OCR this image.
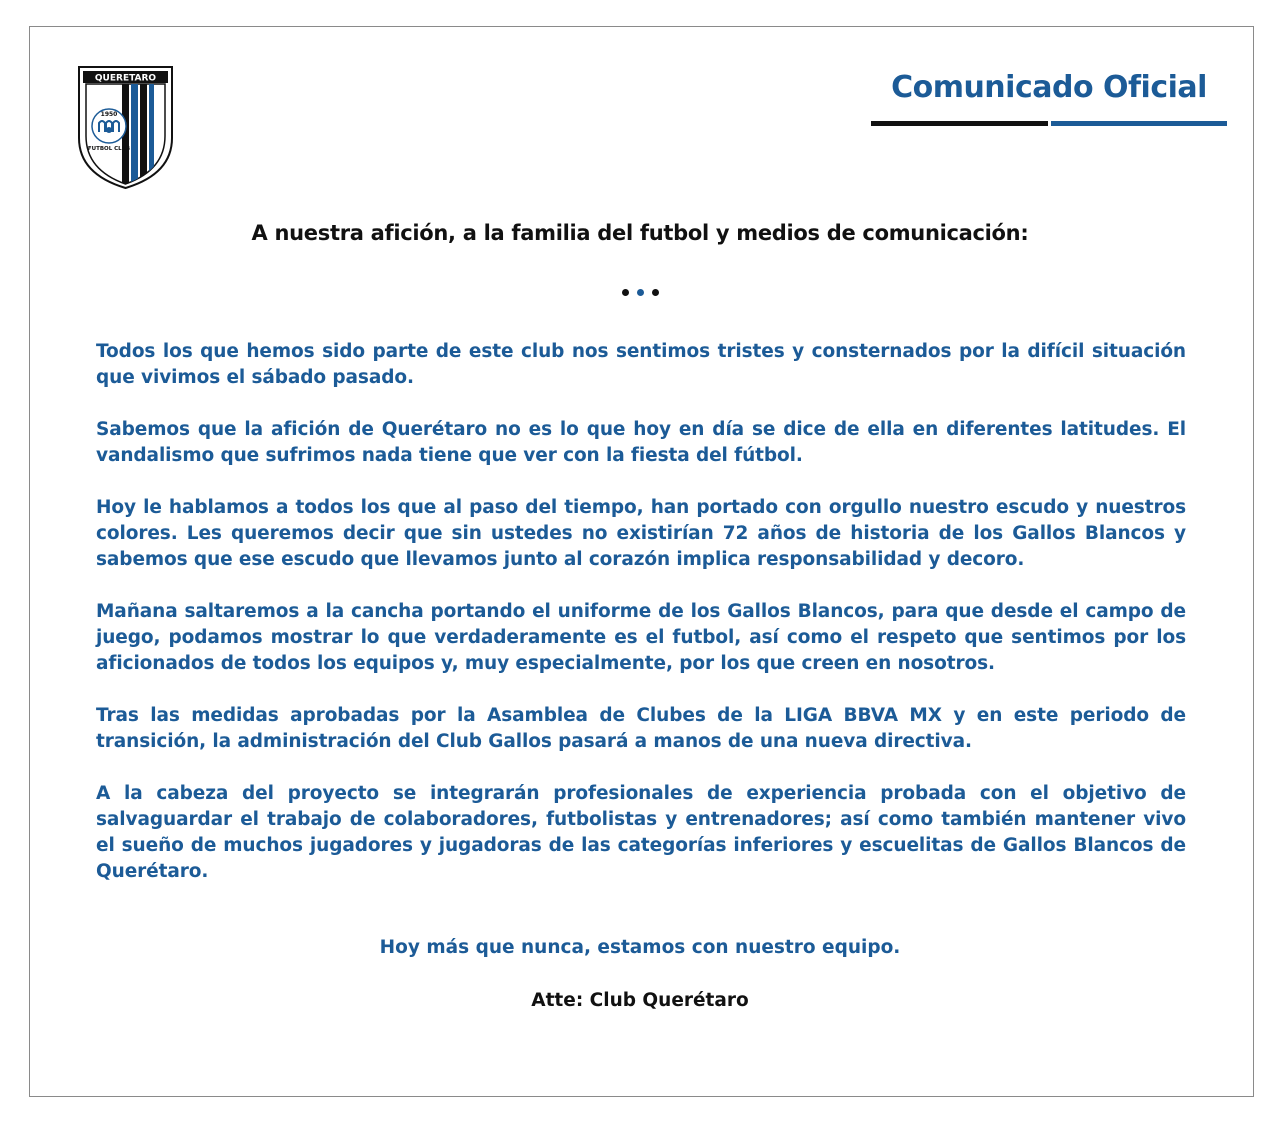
QUERETARO
1950
FUTBOL CLUB
Comunicado Oficial
A nuestra afición, a la familia del futbol y medios de comunicación:

Todos los que hemos sido parte de este club nos sentimos tristes y consternados por la difícil situación que vivimos el sábado pasado.

Sabemos que la afición de Querétaro no es lo que hoy en día se dice de ella en diferentes latitudes. El vandalismo que sufrimos nada tiene que ver con la fiesta del fútbol.

Hoy le hablamos a todos los que al paso del tiempo, han portado con orgullo nuestro escudo y nuestros colores. Les queremos decir que sin ustedes no existirían 72 años de historia de los Gallos Blancos y sabemos que ese escudo que llevamos junto al corazón implica responsabilidad y decoro.

Mañana saltaremos a la cancha portando el uniforme de los Gallos Blancos, para que desde el campo de juego, podamos mostrar lo que verdaderamente es el futbol, así como el respeto que sentimos por los aficionados de todos los equipos y, muy especialmente, por los que creen en nosotros.

Tras las medidas aprobadas por la Asamblea de Clubes de la LIGA BBVA MX y en este periodo de transición, la administración del Club Gallos pasará a manos de una nueva directiva.

A la cabeza del proyecto se integrarán profesionales de experiencia probada con el objetivo de salvaguardar el trabajo de colaboradores, futbolistas y entrenadores; así como también mantener vivo el sueño de muchos jugadores y jugadoras de las categorías inferiores y escuelitas de Gallos Blancos de Querétaro.

Hoy más que nunca, estamos con nuestro equipo.
Atte: Club Querétaro
